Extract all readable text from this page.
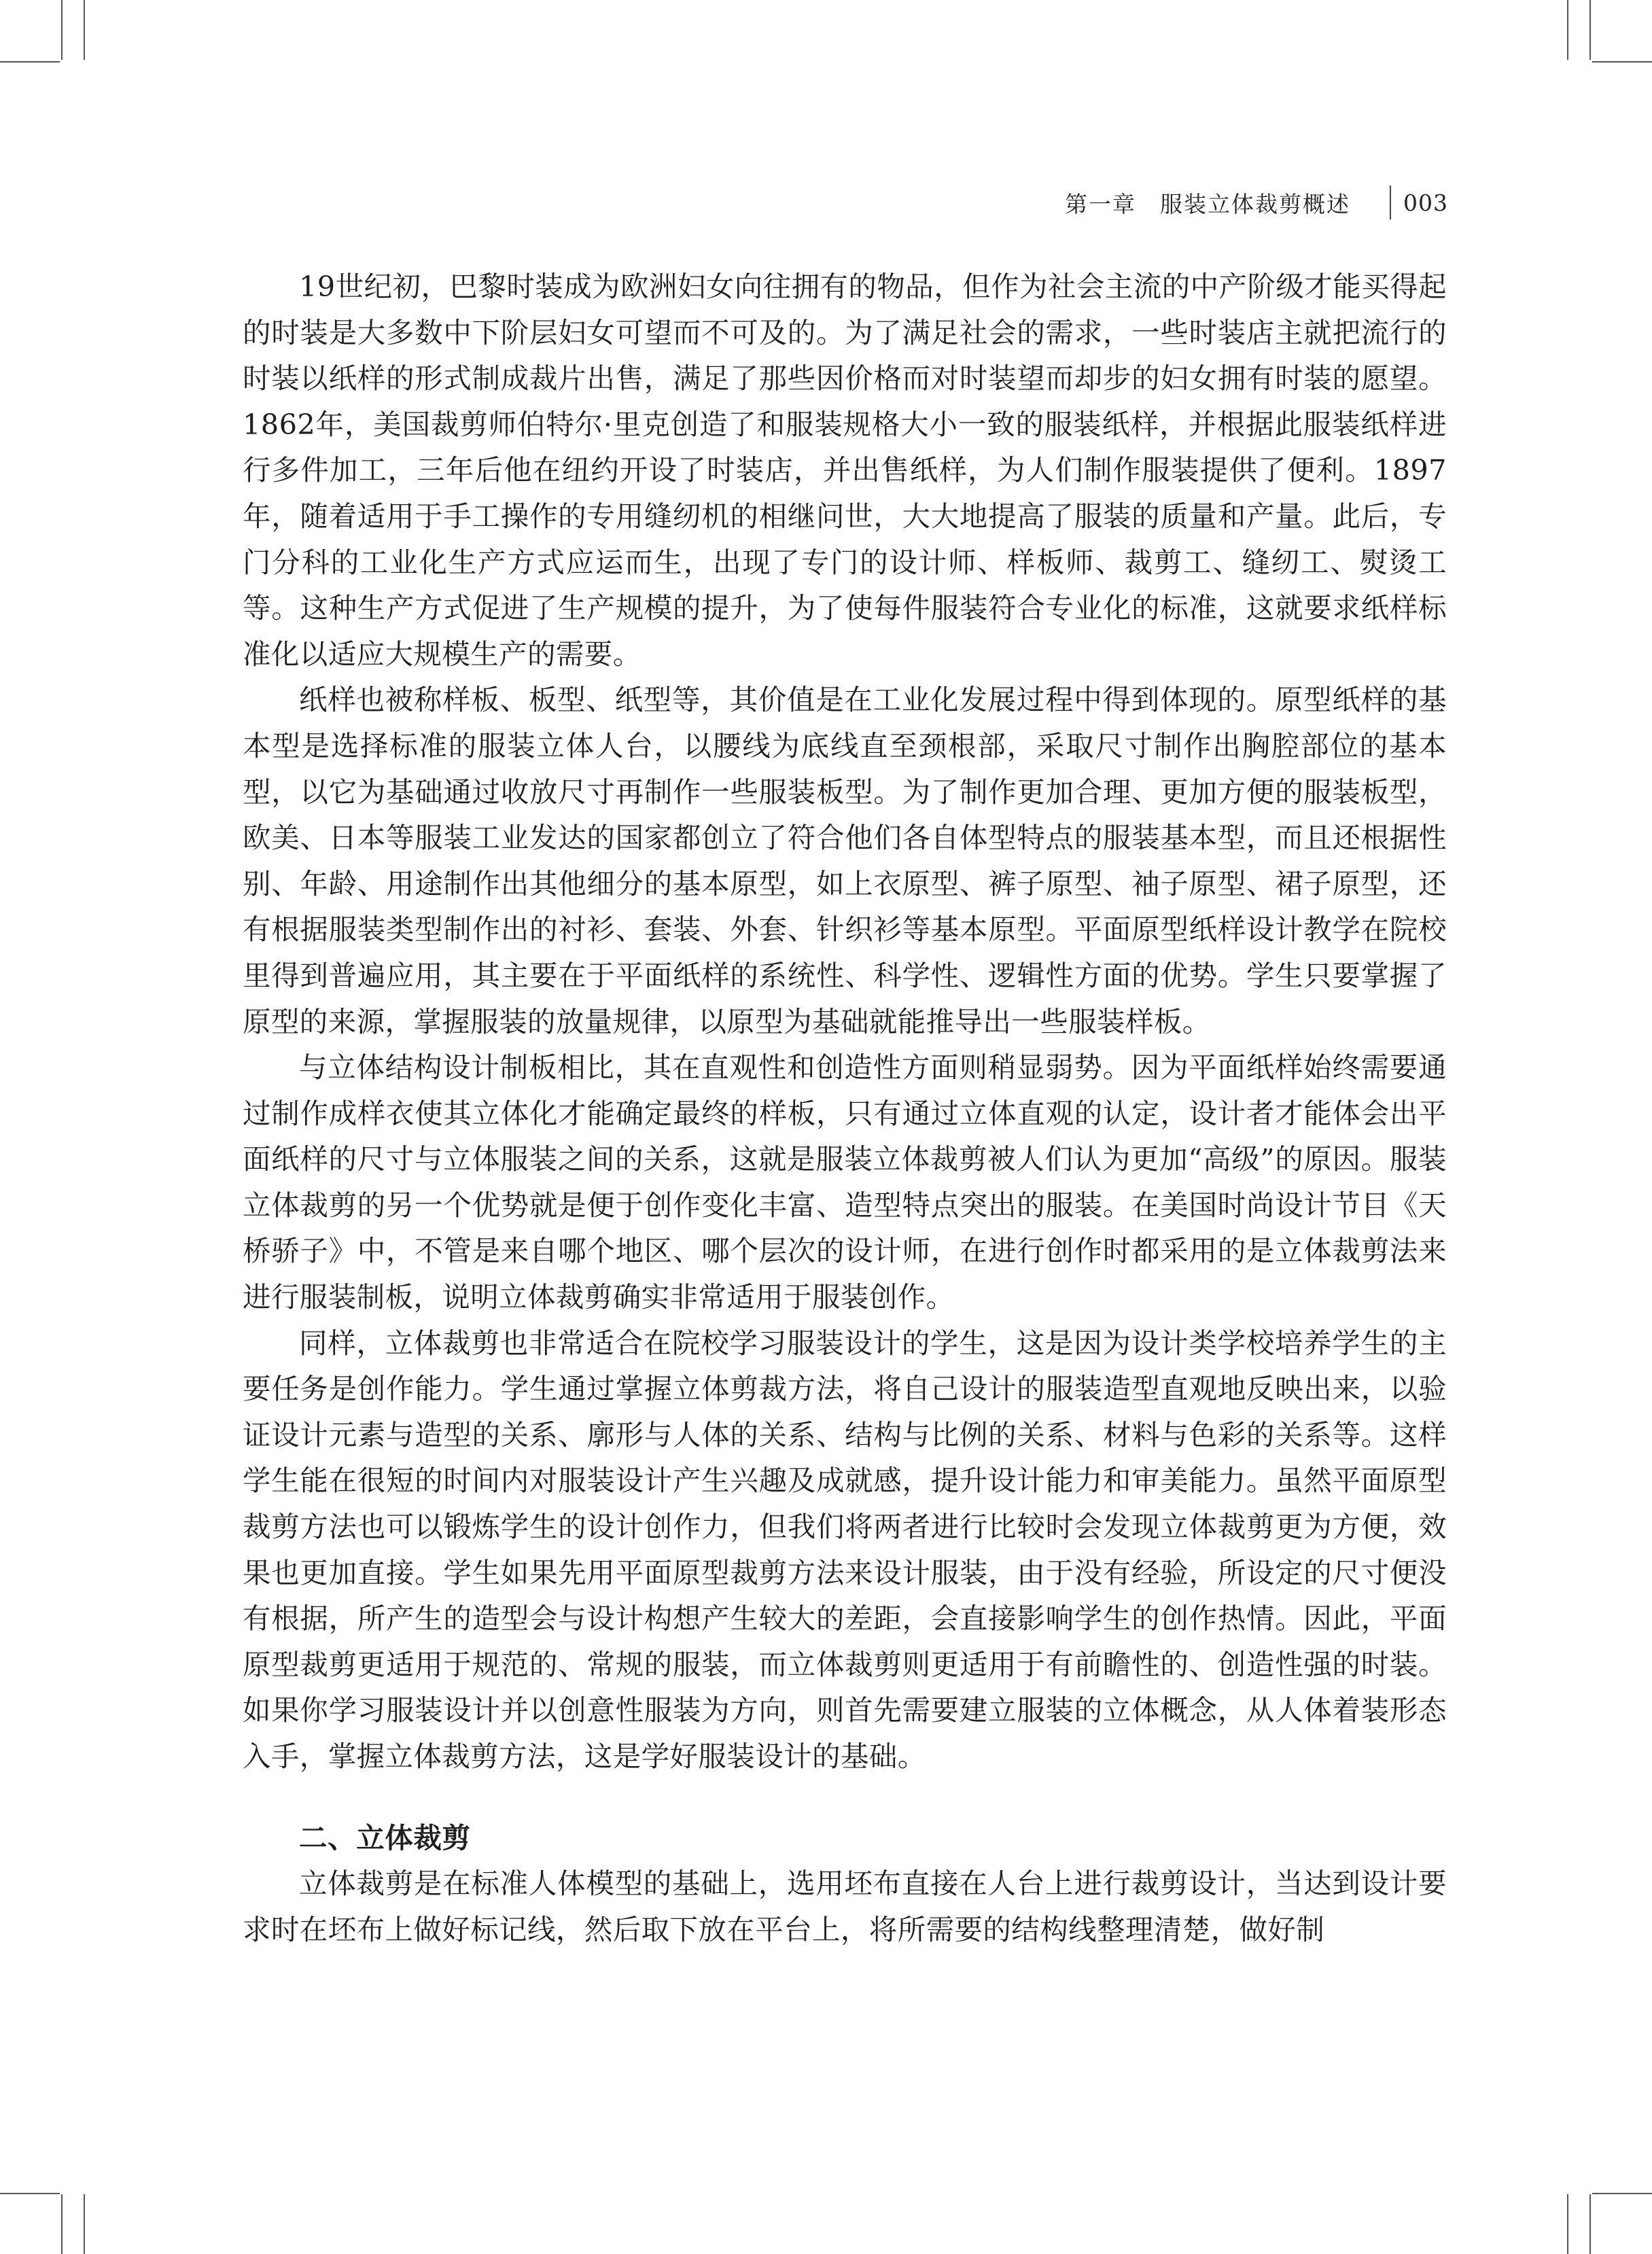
第一章　服装立体裁剪概述 003

19世纪初，巴黎时装成为欧洲妇女向往拥有的物品，但作为社会主流的中产阶级才能买得起的时装是大多数中下阶层妇女可望而不可及的。为了满足社会的需求，一些时装店主就把流行的时装以纸样的形式制成裁片出售，满足了那些因价格而对时装望而却步的妇女拥有时装的愿望。1862年，美国裁剪师伯特尔·里克创造了和服装规格大小一致的服装纸样，并根据此服装纸样进行多件加工，三年后他在纽约开设了时装店，并出售纸样，为人们制作服装提供了便利。1897年，随着适用于手工操作的专用缝纫机的相继问世，大大地提高了服装的质量和产量。此后，专门分科的工业化生产方式应运而生，出现了专门的设计师、样板师、裁剪工、缝纫工、熨烫工等。这种生产方式促进了生产规模的提升，为了使每件服装符合专业化的标准，这就要求纸样标准化以适应大规模生产的需要。

纸样也被称样板、板型、纸型等，其价值是在工业化发展过程中得到体现的。原型纸样的基本型是选择标准的服装立体人台，以腰线为底线直至颈根部，采取尺寸制作出胸腔部位的基本型，以它为基础通过收放尺寸再制作一些服装板型。为了制作更加合理、更加方便的服装板型，欧美、日本等服装工业发达的国家都创立了符合他们各自体型特点的服装基本型，而且还根据性别、年龄、用途制作出其他细分的基本原型，如上衣原型、裤子原型、袖子原型、裙子原型，还有根据服装类型制作出的衬衫、套装、外套、针织衫等基本原型。平面原型纸样设计教学在院校里得到普遍应用，其主要在于平面纸样的系统性、科学性、逻辑性方面的优势。学生只要掌握了原型的来源，掌握服装的放量规律，以原型为基础就能推导出一些服装样板。

与立体结构设计制板相比，其在直观性和创造性方面则稍显弱势。因为平面纸样始终需要通过制作成样衣使其立体化才能确定最终的样板，只有通过立体直观的认定，设计者才能体会出平面纸样的尺寸与立体服装之间的关系，这就是服装立体裁剪被人们认为更加“高级”的原因。服装立体裁剪的另一个优势就是便于创作变化丰富、造型特点突出的服装。在美国时尚设计节目《天桥骄子》中，不管是来自哪个地区、哪个层次的设计师，在进行创作时都采用的是立体裁剪法来进行服装制板，说明立体裁剪确实非常适用于服装创作。

同样，立体裁剪也非常适合在院校学习服装设计的学生，这是因为设计类学校培养学生的主要任务是创作能力。学生通过掌握立体剪裁方法，将自己设计的服装造型直观地反映出来，以验证设计元素与造型的关系、廓形与人体的关系、结构与比例的关系、材料与色彩的关系等。这样学生能在很短的时间内对服装设计产生兴趣及成就感，提升设计能力和审美能力。虽然平面原型裁剪方法也可以锻炼学生的设计创作力，但我们将两者进行比较时会发现立体裁剪更为方便，效果也更加直接。学生如果先用平面原型裁剪方法来设计服装，由于没有经验，所设定的尺寸便没有根据，所产生的造型会与设计构想产生较大的差距，会直接影响学生的创作热情。因此，平面原型裁剪更适用于规范的、常规的服装，而立体裁剪则更适用于有前瞻性的、创造性强的时装。如果你学习服装设计并以创意性服装为方向，则首先需要建立服装的立体概念，从人体着装形态入手，掌握立体裁剪方法，这是学好服装设计的基础。

二、立体裁剪

立体裁剪是在标准人体模型的基础上，选用坯布直接在人台上进行裁剪设计，当达到设计要求时在坯布上做好标记线，然后取下放在平台上，将所需要的结构线整理清楚，做好制
